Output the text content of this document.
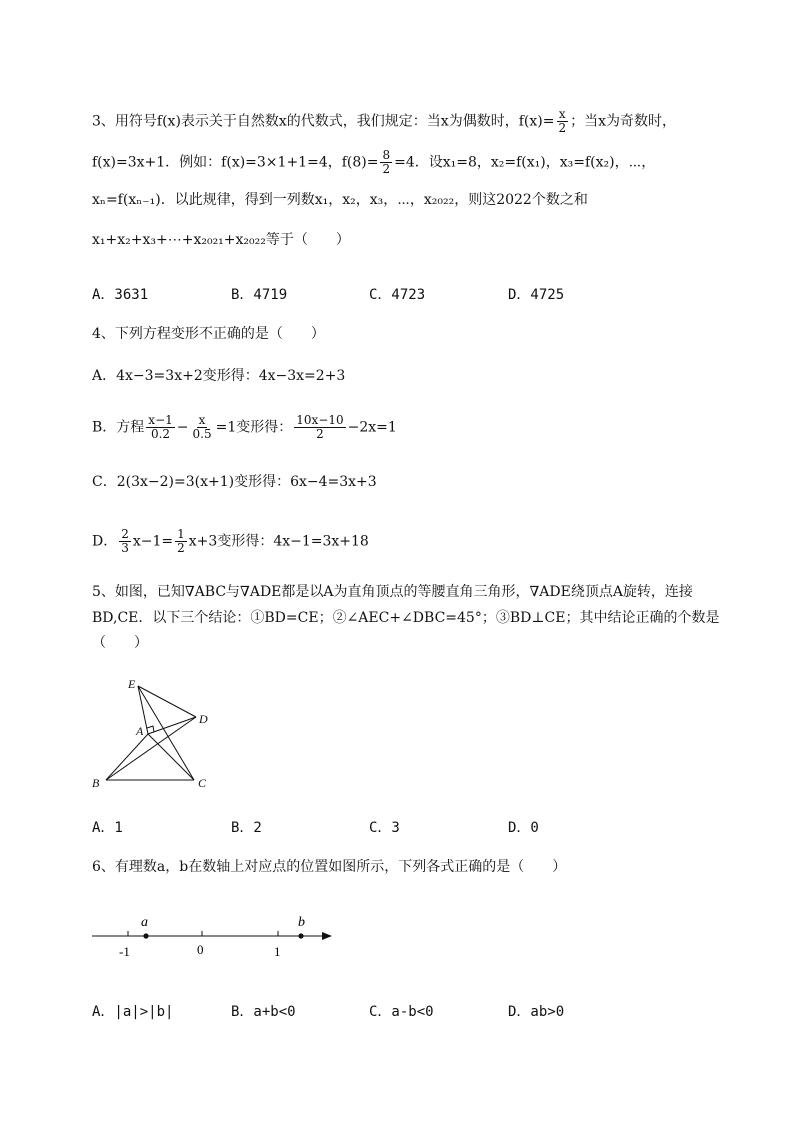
3、用符号f(x)表示关于自然数x的代数式，我们规定：当x为偶数时，$f(x)= \frac{x}{2}$ ；当x为奇数时，
f(x)=3x+1．例如：f(x)=3×1+1=4，$f(8)= \frac{8}{2} =4$．设x₁=8，x₂=f(x₁)，x₃=f(x₂)，⋯，
xₙ=f(xₙ₋₁)．以此规律，得到一列数x₁，x₂，x₃，⋯，x₂₀₂₂，则这2022个数之和
x₁+x₂+x₃+⋯+x₂₀₂₁+x₂₀₂₂等于（　　）
A．3631	B．4719	C．4723	D．4725
4、下列方程变形不正确的是（　　）
A．4x−3=3x+2变形得：4x−3x=2+3
B．方程 $\frac{x-1}{0.2} - \frac{x}{0.5} =1$变形得： $\frac{10x-10}{2} -2x=1$
C．2(3x−2)=3(x+1)变形得：6x−4=3x+3
D． $\frac{2}{3} x-1= \frac{1}{2} x+3$变形得：4x−1=3x+18
5、如图，已知∇ABC与∇ADE都是以A为直角顶点的等腰直角三角形，∇ADE绕顶点A旋转，连接
BD,CE．以下三个结论：①BD=CE；②∠AEC+∠DBC=45°；③BD⊥CE；其中结论正确的个数是
（　　）
E
D
A
B	C
A．1	B．2	C．3	D．0
6、有理数a，b在数轴上对应点的位置如图所示，下列各式正确的是（　　）
a	b
-1	0	1
A．|a|>|b|	B．a+b<0	C．a-b<0	D．ab>0
